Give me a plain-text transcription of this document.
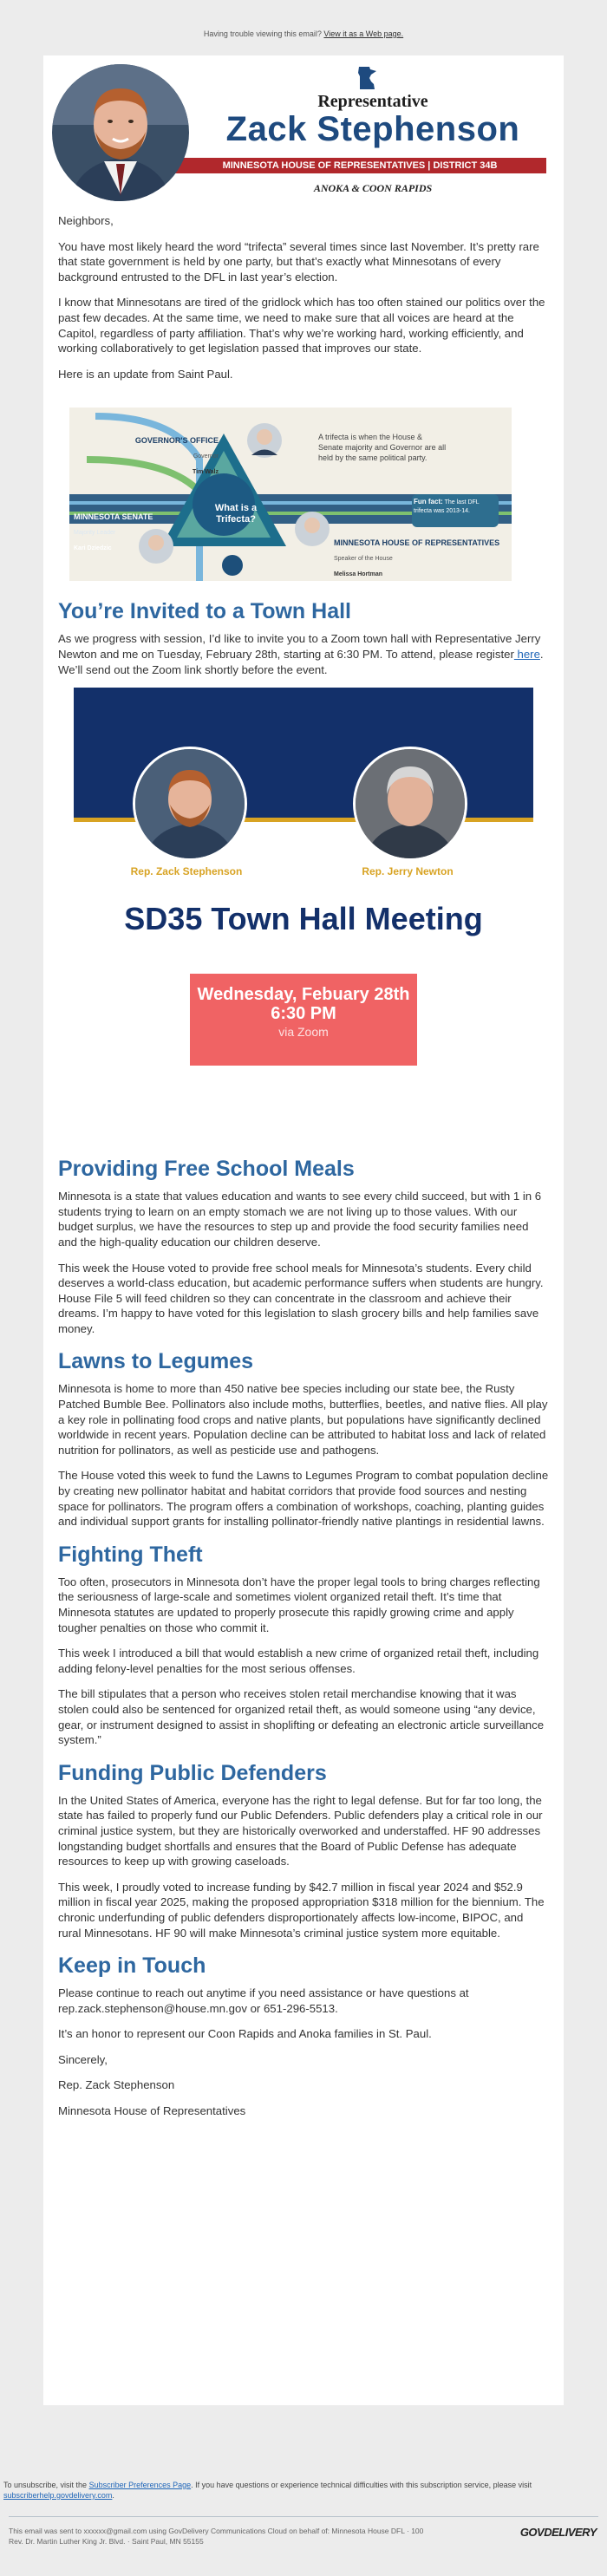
Having trouble viewing this email? View it as a Web page.
Representative
Zack Stephenson
MINNESOTA HOUSE OF REPRESENTATIVES | DISTRICT 34B
ANOKA & COON RAPIDS

Neighbors,

You have most likely heard the word “trifecta” several times since last November. It’s pretty rare that state government is held by one party, but that’s exactly what Minnesotans of every background entrusted to the DFL in last year’s election.

I know that Minnesotans are tired of the gridlock which has too often stained our politics over the past few decades. At the same time, we need to make sure that all voices are heard at the Capitol, regardless of party affiliation. That’s why we’re working hard, working efficiently, and working collaboratively to get legislation passed that improves our state.

Here is an update from Saint Paul.

GOVERNOR'S OFFICE
Governor
Tim Walz
A trifecta is when the House & Senate majority and Governor are all held by the same political party.
What is a Trifecta?
MINNESOTA SENATE
Majority Leader
Kari Dziedzic
Fun fact: The last DFL trifecta was 2013-14.
MINNESOTA HOUSE OF REPRESENTATIVES
Speaker of the House
Melissa Hortman
You’re Invited to a Town Hall

As we progress with session, I’d like to invite you to a Zoom town hall with Representative Jerry Newton and me on Tuesday, February 28th, starting at 6:30 PM. To attend, please register here. We’ll send out the Zoom link shortly before the event.

Rep. Zack Stephenson	Rep. Jerry Newton
SD35 Town Hall Meeting
Wednesday, Febuary 28th
6:30 PM
via Zoom
Providing Free School Meals

Minnesota is a state that values education and wants to see every child succeed, but with 1 in 6 students trying to learn on an empty stomach we are not living up to those values. With our budget surplus, we have the resources to step up and provide the food security families need and the high-quality education our children deserve.

This week the House voted to provide free school meals for Minnesota’s students. Every child deserves a world-class education, but academic performance suffers when students are hungry. House File 5 will feed children so they can concentrate in the classroom and achieve their dreams. I’m happy to have voted for this legislation to slash grocery bills and help families save money.

Lawns to Legumes

Minnesota is home to more than 450 native bee species including our state bee, the Rusty Patched Bumble Bee. Pollinators also include moths, butterflies, beetles, and native flies. All play a key role in pollinating food crops and native plants, but populations have significantly declined worldwide in recent years. Population decline can be attributed to habitat loss and lack of related nutrition for pollinators, as well as pesticide use and pathogens.

The House voted this week to fund the Lawns to Legumes Program to combat population decline by creating new pollinator habitat and habitat corridors that provide food sources and nesting space for pollinators. The program offers a combination of workshops, coaching, planting guides and individual support grants for installing pollinator-friendly native plantings in residential lawns.

Fighting Theft

Too often, prosecutors in Minnesota don’t have the proper legal tools to bring charges reflecting the seriousness of large-scale and sometimes violent organized retail theft. It’s time that Minnesota statutes are updated to properly prosecute this rapidly growing crime and apply tougher penalties on those who commit it.

This week I introduced a bill that would establish a new crime of organized retail theft, including adding felony-level penalties for the most serious offenses.

The bill stipulates that a person who receives stolen retail merchandise knowing that it was stolen could also be sentenced for organized retail theft, as would someone using “any device, gear, or instrument designed to assist in shoplifting or defeating an electronic article surveillance system.”

Funding Public Defenders

In the United States of America, everyone has the right to legal defense. But for far too long, the state has failed to properly fund our Public Defenders. Public defenders play a critical role in our criminal justice system, but they are historically overworked and understaffed. HF 90 addresses longstanding budget shortfalls and ensures that the Board of Public Defense has adequate resources to keep up with growing caseloads.

This week, I proudly voted to increase funding by $42.7 million in fiscal year 2024 and $52.9 million in fiscal year 2025, making the proposed appropriation $318 million for the biennium. The chronic underfunding of public defenders disproportionately affects low-income, BIPOC, and rural Minnesotans. HF 90 will make Minnesota’s criminal justice system more equitable.

Keep in Touch

Please continue to reach out anytime if you need assistance or have questions at rep.zack.stephenson@house.mn.gov or 651-296-5513.

It’s an honor to represent our Coon Rapids and Anoka families in St. Paul.

Sincerely,

Rep. Zack Stephenson

Minnesota House of Representatives

To unsubscribe, visit the Subscriber Preferences Page. If you have questions or experience technical difficulties with this subscription service, please visit subscriberhelp.govdelivery.com.
This email was sent to xxxxxx@gmail.com using GovDelivery Communications Cloud on behalf of: Minnesota House DFL · 100
Rev. Dr. Martin Luther King Jr. Blvd. · Saint Paul, MN 55155
GOVDELIVERY
